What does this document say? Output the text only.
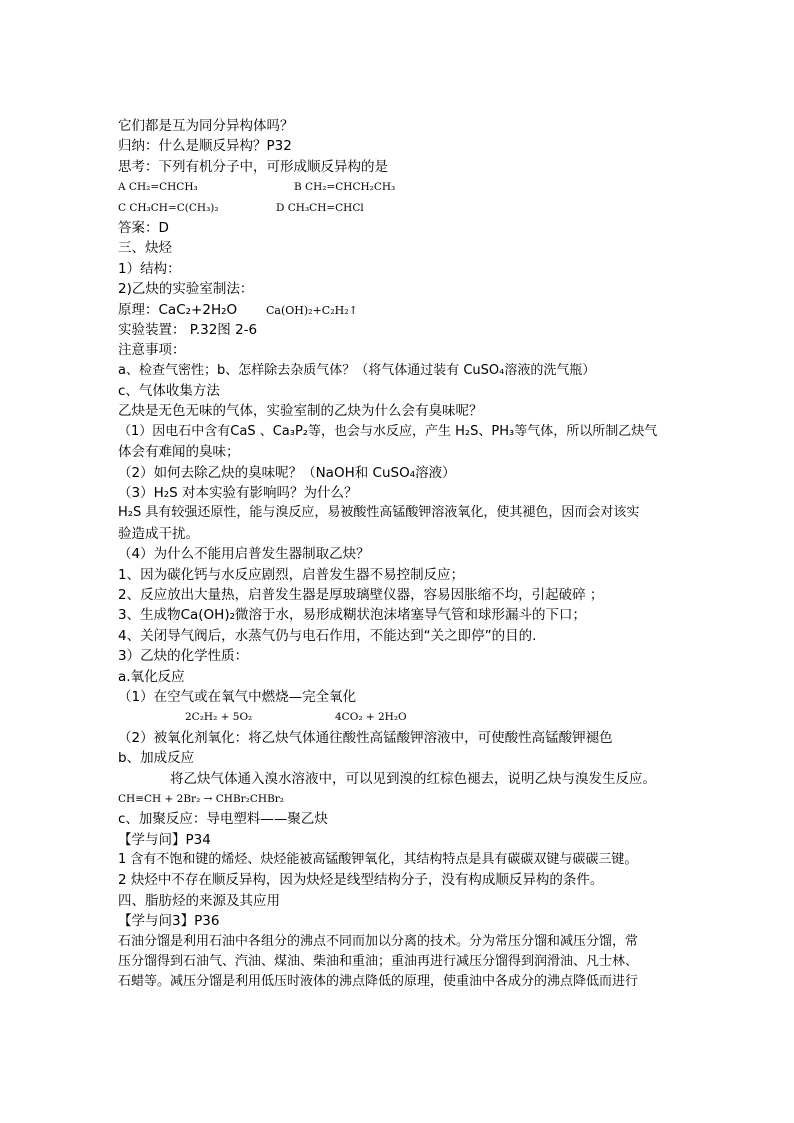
它们都是互为同分异构体吗？
归纳：什么是顺反异构？P32
思考：下列有机分子中，可形成顺反异构的是
A CH₂=CHCH₃	B CH₂=CHCH₂CH₃
C CH₃CH=C(CH₃)₂	D CH₃CH=CHCl
答案：D
三、炔烃
1）结构：
2)乙炔的实验室制法：
原理：CaC₂+2H₂O	Ca(OH)₂+C₂H₂↑
实验装置： P.32图 2-6
注意事项：
a、检查气密性；b、怎样除去杂质气体？（将气体通过装有 CuSO₄溶液的洗气瓶）
c、气体收集方法
乙炔是无色无味的气体，实验室制的乙炔为什么会有臭味呢？
（1）因电石中含有CaS 、Ca₃P₂等，也会与水反应，产生 H₂S、PH₃等气体，所以所制乙炔气
体会有难闻的臭味；
（2）如何去除乙炔的臭味呢？（NaOH和 CuSO₄溶液）
（3）H₂S 对本实验有影响吗？为什么？
H₂S 具有较强还原性，能与溴反应，易被酸性高锰酸钾溶液氧化，使其褪色，因而会对该实
验造成干扰。
（4）为什么不能用启普发生器制取乙炔？
1、因为碳化钙与水反应剧烈，启普发生器不易控制反应；
2、反应放出大量热，启普发生器是厚玻璃壁仪器，容易因胀缩不均，引起破碎 ；
3、生成物Ca(OH)₂微溶于水，易形成糊状泡沫堵塞导气管和球形漏斗的下口；
4、关闭导气阀后，水蒸气仍与电石作用，不能达到“关之即停”的目的.
3）乙炔的化学性质：
a.氧化反应
（1）在空气或在氧气中燃烧—完全氧化
2C₂H₂ + 5O₂	4CO₂ + 2H₂O
（2）被氧化剂氧化：将乙炔气体通往酸性高锰酸钾溶液中，可使酸性高锰酸钾褪色
b、加成反应
将乙炔气体通入溴水溶液中，可以见到溴的红棕色褪去，说明乙炔与溴发生反应。
CH≡CH + 2Br₂ → CHBr₂CHBr₂
c、加聚反应：导电塑料——聚乙炔
【学与问】P34
1 含有不饱和键的烯烃、炔烃能被高锰酸钾氧化，其结构特点是具有碳碳双键与碳碳三键。
2 炔烃中不存在顺反异构，因为炔烃是线型结构分子，没有构成顺反异构的条件。
四、脂肪烃的来源及其应用
【学与问3】P36
石油分馏是利用石油中各组分的沸点不同而加以分离的技术。分为常压分馏和减压分馏，常
压分馏得到石油气、汽油、煤油、柴油和重油；重油再进行减压分馏得到润滑油、凡士林、
石蜡等。减压分馏是利用低压时液体的沸点降低的原理，使重油中各成分的沸点降低而进行
